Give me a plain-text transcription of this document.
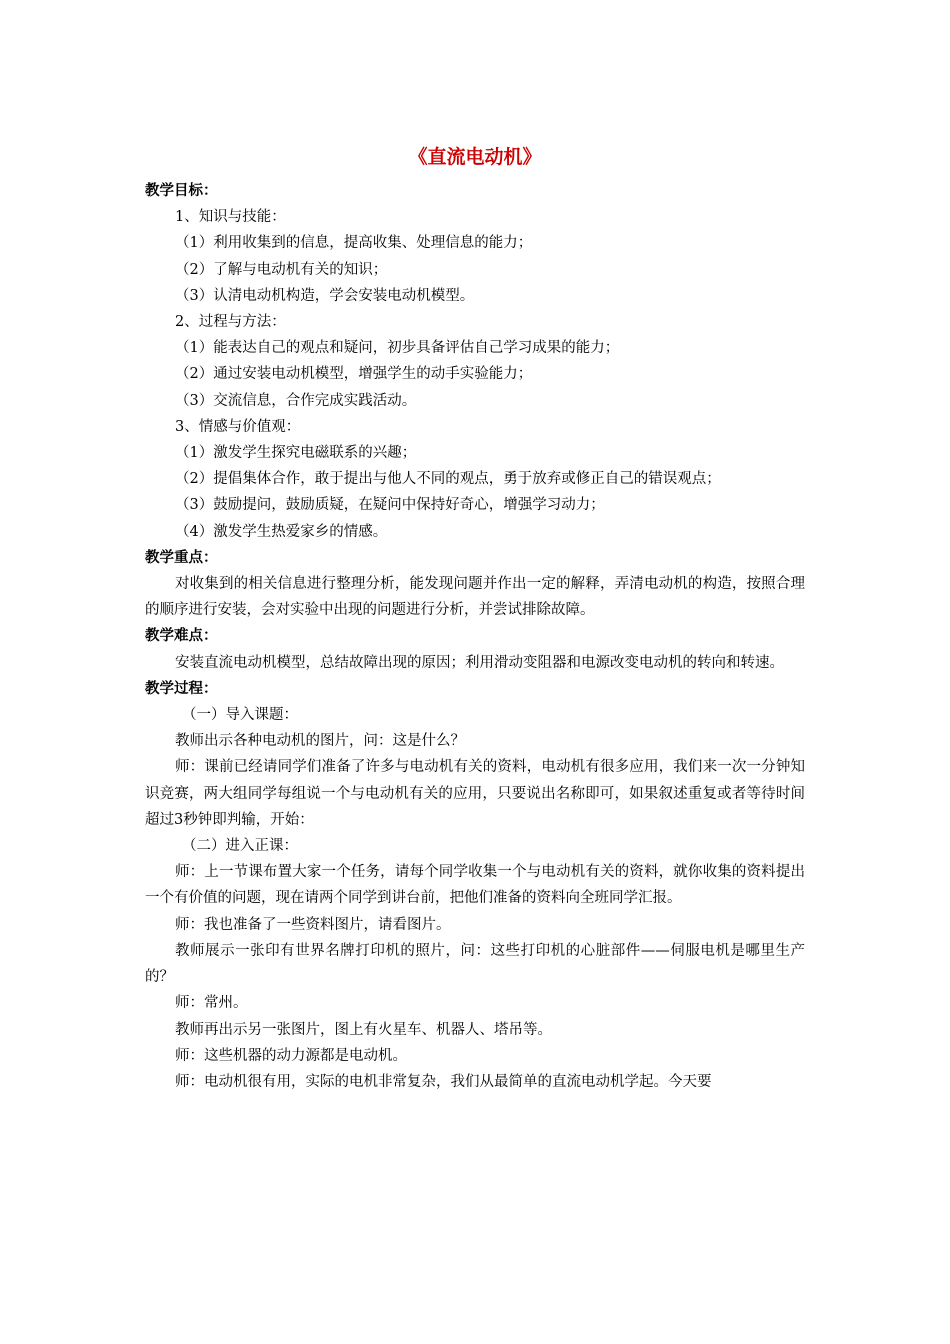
《直流电动机》

教学目标：

1、知识与技能：

（1）利用收集到的信息，提高收集、处理信息的能力；

（2）了解与电动机有关的知识；

（3）认清电动机构造，学会安装电动机模型。

2、过程与方法：

（1）能表达自己的观点和疑问，初步具备评估自己学习成果的能力；

（2）通过安装电动机模型，增强学生的动手实验能力；

（3）交流信息，合作完成实践活动。

3、情感与价值观：

（1）激发学生探究电磁联系的兴趣；

（2）提倡集体合作，敢于提出与他人不同的观点，勇于放弃或修正自己的错误观点；

（3）鼓励提问，鼓励质疑，在疑问中保持好奇心，增强学习动力；

（4）激发学生热爱家乡的情感。

教学重点：

对收集到的相关信息进行整理分析，能发现问题并作出一定的解释，弄清电动机的构造，按照合理的顺序进行安装，会对实验中出现的问题进行分析，并尝试排除故障。

教学难点：

安装直流电动机模型，总结故障出现的原因；利用滑动变阻器和电源改变电动机的转向和转速。

教学过程：

（一）导入课题：

教师出示各种电动机的图片，问：这是什么？

师：课前已经请同学们准备了许多与电动机有关的资料，电动机有很多应用，我们来一次一分钟知识竞赛，两大组同学每组说一个与电动机有关的应用，只要说出名称即可，如果叙述重复或者等待时间超过3秒钟即判输，开始：

（二）进入正课：

师：上一节课布置大家一个任务，请每个同学收集一个与电动机有关的资料，就你收集的资料提出一个有价值的问题，现在请两个同学到讲台前，把他们准备的资料向全班同学汇报。

师：我也准备了一些资料图片，请看图片。

教师展示一张印有世界名牌打印机的照片，问：这些打印机的心脏部件——伺服电机是哪里生产的？

师：常州。

教师再出示另一张图片，图上有火星车、机器人、塔吊等。

师：这些机器的动力源都是电动机。

师：电动机很有用，实际的电机非常复杂，我们从最简单的直流电动机学起。今天要
